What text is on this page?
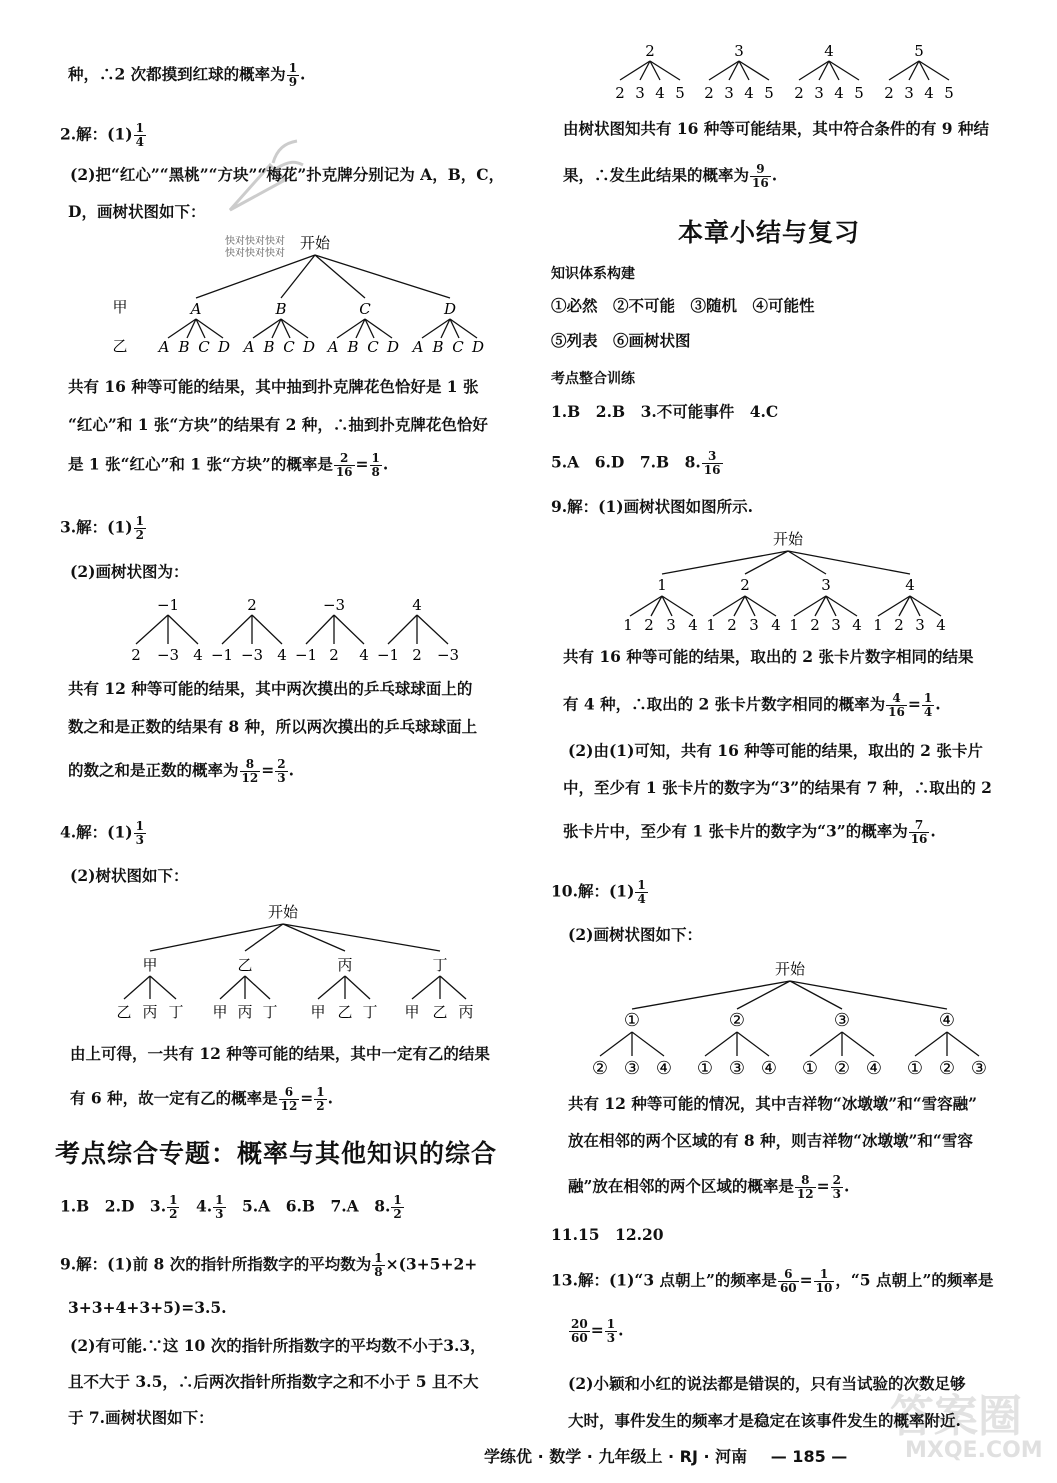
答案圈
MXQE.COM
快对快对快对
快对快对快对
种，∴2 次都摸到红球的概率为 $\frac{1}{9}$ .
2.解：$(1) \frac{1}{4}$
(2)把“红心”“黑桃”“方块”“梅花”扑克牌分别记为 A，B，C，
D，画树状图如下：
开始
甲
乙
A	B	C	D
A B C D A B C D A B C D A B C D
共有 16 种等可能的结果，其中抽到扑克牌花色恰好是 1 张
“红心”和 1 张“方块”的结果有 2 种，∴抽到扑克牌花色恰好
是 1 张“红心”和 1 张“方块”的概率是 $\frac{2}{16} = \frac{1}{8}$ .
3.解：$(1) \frac{1}{2}$
(2)画树状图为：
−1	2	−3	4
2 −3 4 −1 −3 4 −1 2 4 −1 2 −3
共有 12 种等可能的结果，其中两次摸出的乒乓球球面上的
数之和是正数的结果有 8 种，所以两次摸出的乒乓球球面上
的数之和是正数的概率为 $\frac{8}{12} = \frac{2}{3}$ .
4.解：$(1) \frac{1}{3}$
(2)树状图如下：
开始
甲	乙	丙	丁
乙 丙 丁 甲 丙 丁 甲 乙 丁 甲 乙 丙
由上可得，一共有 12 种等可能的结果，其中一定有乙的结果
有 6 种，故一定有乙的概率是 $\frac{6}{12} = \frac{1}{2}$ .
考点综合专题：概率与其他知识的综合
1.B　2.D　3. $\frac{1}{2}$ 　4. $\frac{1}{3}$ 　5.A　6.B　7.A　8. $\frac{1}{2}$
9.解：(1)前 8 次的指针所指数字的平均数为 $\frac{1}{8} \times(3+5+2+$
3+3+4+3+5)=3.5.
(2)有可能.∵这 10 次的指针所指数字的平均数不小于3.3，
且不大于 3.5，∴后两次指针所指数字之和不小于 5 且不大
于 7.画树状图如下：
2	3	4	5
2 3 4 5 2 3 4 5 2 3 4 5 2 3 4 5
由树状图知共有 16 种等可能结果，其中符合条件的有 9 种结
果，∴发生此结果的概率为 $\frac{9}{16}$ .
本章小结与复习
知识体系构建
①必然　②不可能　③随机　④可能性
⑤列表　⑥画树状图
考点整合训练
1.B　2.B　3.不可能事件　4.C
5.A　6.D　7.B　8. $\frac{3}{16}$
9.解：(1)画树状图如图所示.
开始
1	2	3	4
1 2 3 4 1 2 3 4 1 2 3 4 1 2 3 4
共有 16 种等可能的结果，取出的 2 张卡片数字相同的结果
有 4 种，∴取出的 2 张卡片数字相同的概率为 $\frac{4}{16} = \frac{1}{4}$ .
(2)由(1)可知，共有 16 种等可能的结果，取出的 2 张卡片
中，至少有 1 张卡片的数字为“3”的结果有 7 种，∴取出的 2
张卡片中，至少有 1 张卡片的数字为“3”的概率为 $\frac{7}{16}$ .
10.解：$(1) \frac{1}{4}$
(2)画树状图如下：
开始
①	②	③	④
② ③ ④ ① ③ ④ ① ② ④ ① ② ③
共有 12 种等可能的情况，其中吉祥物“冰墩墩”和“雪容融”
放在相邻的两个区域的有 8 种，则吉祥物“冰墩墩”和“雪容
融”放在相邻的两个区域的概率是 $\frac{8}{12} = \frac{2}{3}$ .
11.15　12.20
13.解：(1)“3 点朝上”的频率是 $\frac{6}{60} = \frac{1}{10}$ ，“5 点朝上”的频率是
$\frac{20}{60} = \frac{1}{3}$ .
(2)小颖和小红的说法都是错误的，只有当试验的次数足够
大时，事件发生的频率才是稳定在该事件发生的概率附近.
学练优 · 数学 · 九年级上 · RJ · 河南 — 185 —
